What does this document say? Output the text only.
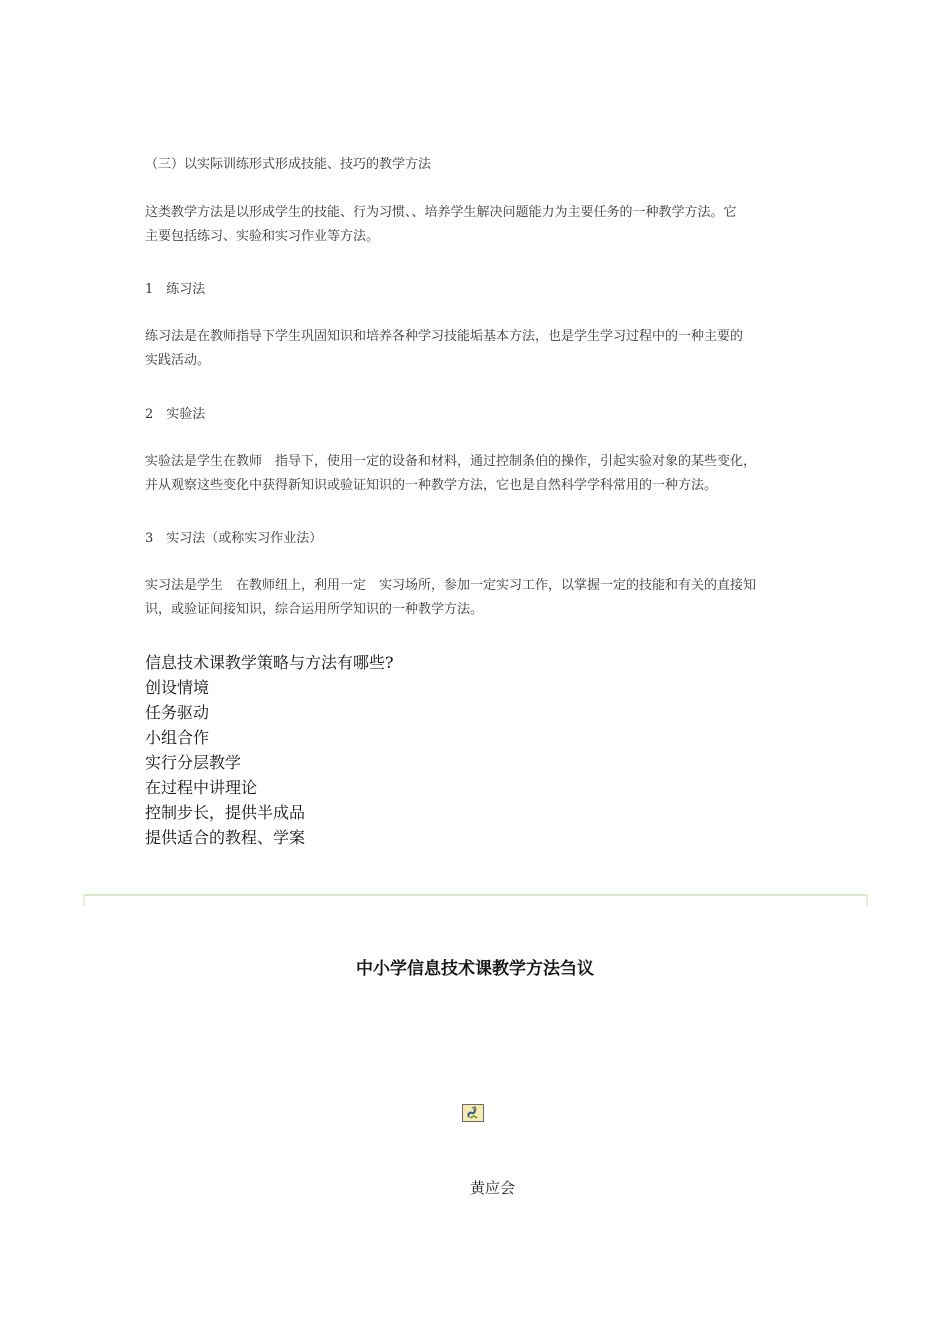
（三）以实际训练形式形成技能、技巧的教学方法

这类教学方法是以形成学生的技能、行为习惯、、培养学生解决问题能力为主要任务的一种教学方法。它
主要包括练习、实验和实习作业等方法。

1　练习法

练习法是在教师指导下学生巩固知识和培养各种学习技能垢基本方法，也是学生学习过程中的一种主要的
实践活动。

2　实验法

实验法是学生在教师　指导下，使用一定的设备和材料，通过控制条伯的操作，引起实验对象的某些变化，
并从观察这些变化中获得新知识或验证知识的一种教学方法，它也是自然科学学科常用的一种方法。

3　实习法（或称实习作业法）

实习法是学生　在教师纽上，利用一定　实习场所，参加一定实习工作，以掌握一定的技能和有关的直接知
识，或验证间接知识，综合运用所学知识的一种教学方法。
信息技术课教学策略与方法有哪些?
创设情境
任务驱动
小组合作
实行分层教学
在过程中讲理论
控制步长，提供半成品
提供适合的教程、学案
中小学信息技术课教学方法刍议
黄应会
